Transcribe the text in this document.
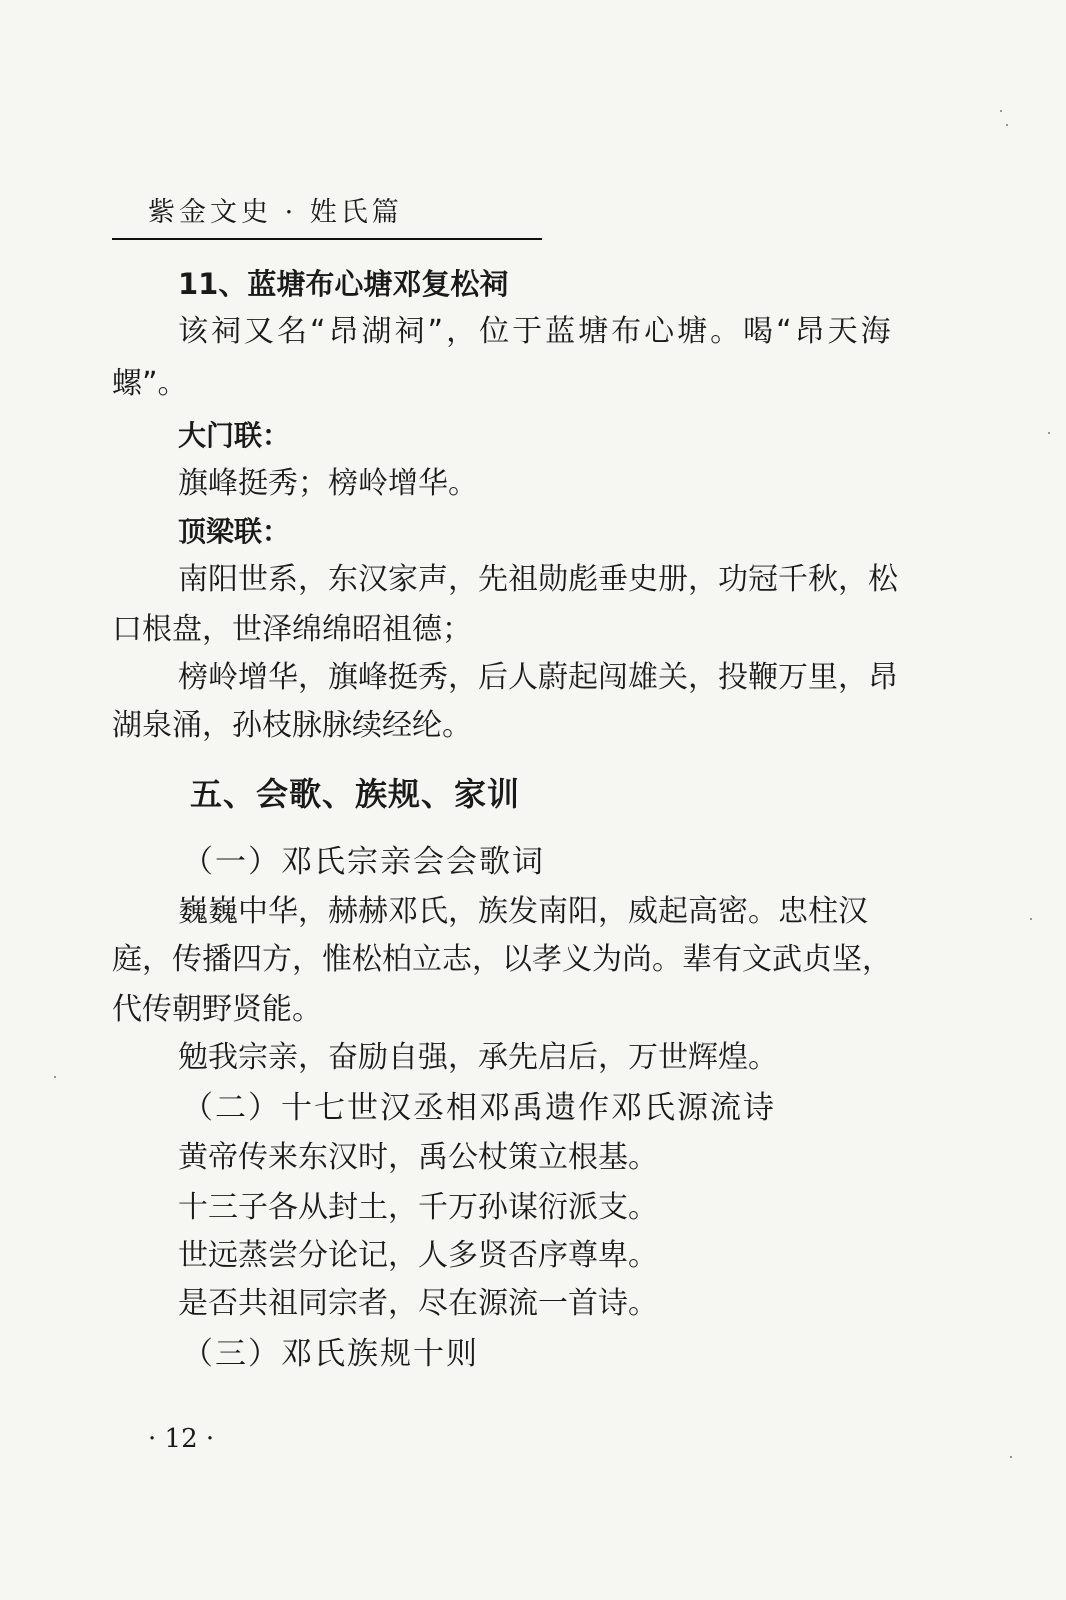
紫金文史 · 姓氏篇
11、蓝塘布心塘邓复松祠
该祠又名“昂湖祠”，位于蓝塘布心塘。喝“昂天海
螺”。
大门联：
旗峰挺秀；榜岭增华。
顶梁联：
南阳世系，东汉家声，先祖勋彪垂史册，功冠千秋，松
口根盘，世泽绵绵昭祖德；
榜岭增华，旗峰挺秀，后人蔚起闯雄关，投鞭万里，昂
湖泉涌，孙枝脉脉续经纶。
五、会歌、族规、家训
（一）邓氏宗亲会会歌词
巍巍中华，赫赫邓氏，族发南阳，威起高密。忠柱汉
庭，传播四方，惟松柏立志，以孝义为尚。辈有文武贞坚，
代传朝野贤能。
勉我宗亲，奋励自强，承先启后，万世辉煌。
（二）十七世汉丞相邓禹遗作邓氏源流诗
黄帝传来东汉时，禹公杖策立根基。
十三子各从封土，千万孙谋衍派支。
世远蒸尝分论记，人多贤否序尊卑。
是否共祖同宗者，尽在源流一首诗。
（三）邓氏族规十则
· 12 ·
